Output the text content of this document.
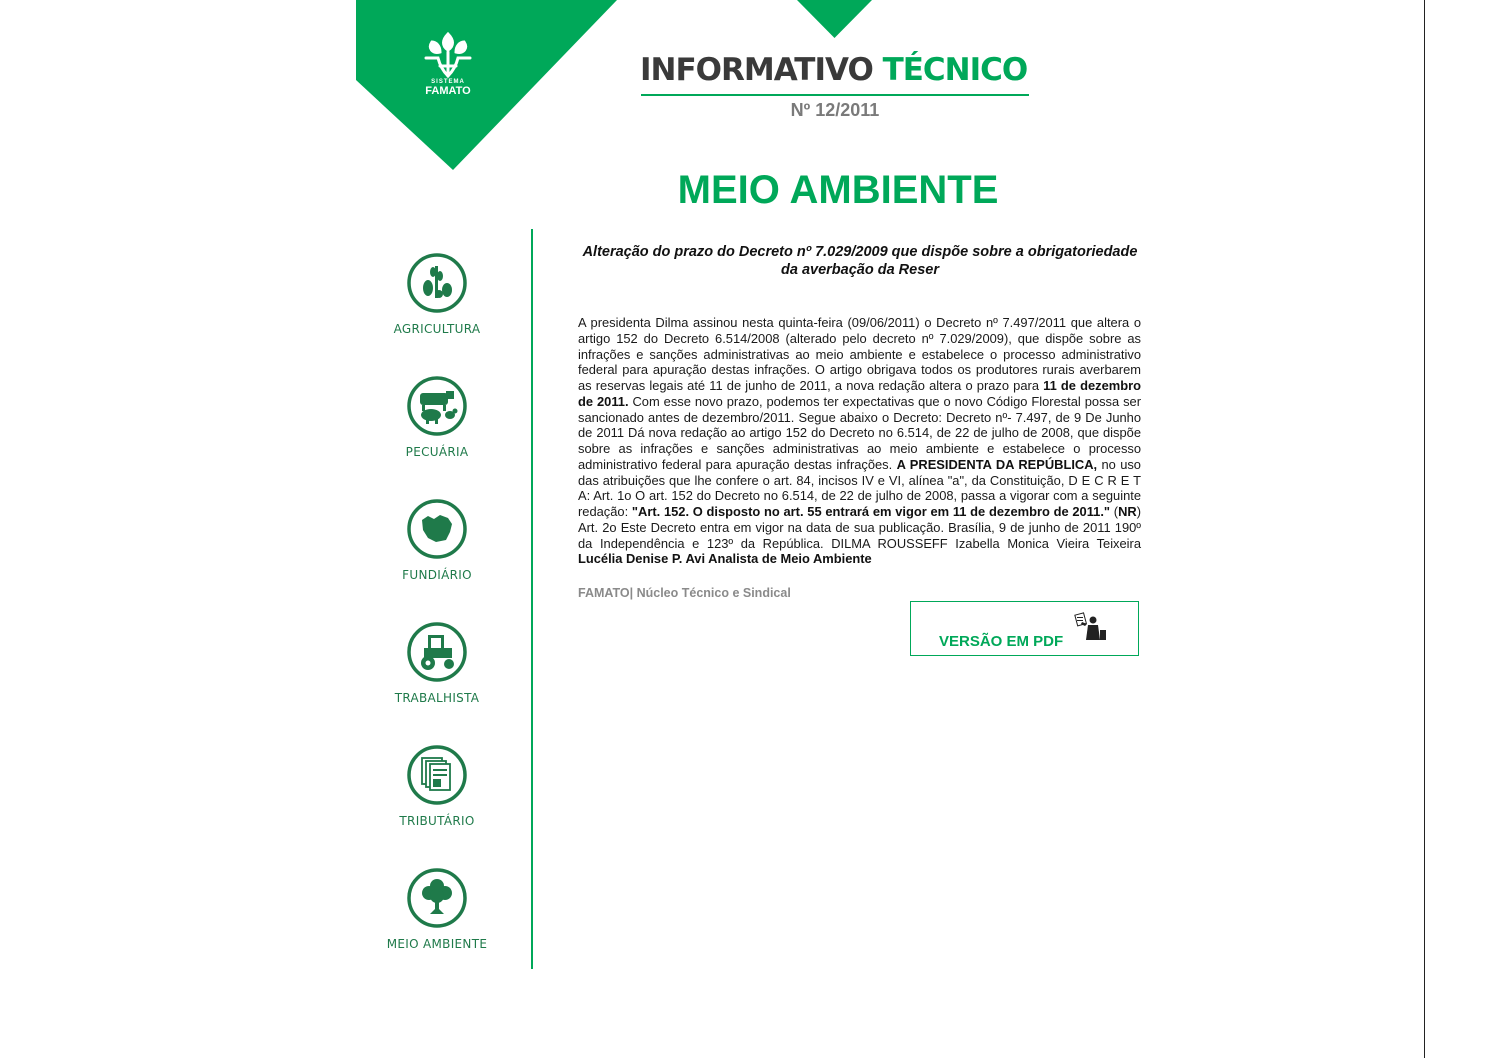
SISTEMA
FAMATO
INFORMATIVO TÉCNICO
Nº 12/2011
MEIO AMBIENTE
AGRICULTURA
PECUÁRIA
FUNDIÁRIO
TRABALHISTA
TRIBUTÁRIO
MEIO AMBIENTE
Alteração do prazo do Decreto nº 7.029/2009 que dispõe sobre a obrigatoriedade da averbação da Reser
A presidenta Dilma assinou nesta quinta-feira (09/06/2011) o Decreto nº 7.497/2011 que altera o artigo 152 do Decreto 6.514/2008 (alterado pelo decreto nº 7.029/2009), que dispõe sobre as infrações e sanções administrativas ao meio ambiente e estabelece o processo administrativo federal para apuração destas infrações. O artigo obrigava todos os produtores rurais averbarem as reservas legais até 11 de junho de 2011, a nova redação altera o prazo para 11 de dezembro de 2011. Com esse novo prazo, podemos ter expectativas que o novo Código Florestal possa ser sancionado antes de dezembro/2011. Segue abaixo o Decreto: Decreto nº- 7.497, de 9 De Junho de 2011 Dá nova redação ao artigo 152 do Decreto no 6.514, de 22 de julho de 2008, que dispõe sobre as infrações e sanções administrativas ao meio ambiente e estabelece o processo administrativo federal para apuração destas infrações. A PRESIDENTA DA REPÚBLICA, no uso das atribuições que lhe confere o art. 84, incisos IV e VI, alínea "a", da Constituição, D E C R E T A: Art. 1o O art. 152 do Decreto no 6.514, de 22 de julho de 2008, passa a vigorar com a seguinte redação: "Art. 152. O disposto no art. 55 entrará em vigor em 11 de dezembro de 2011." (NR) Art. 2o Este Decreto entra em vigor na data de sua publicação. Brasília, 9 de junho de 2011 190º da Independência e 123º da República. DILMA ROUSSEFF Izabella Monica Vieira Teixeira Lucélia Denise P. Avi Analista de Meio Ambiente
FAMATO| Núcleo Técnico e Sindical
VERSÃO EM PDF
